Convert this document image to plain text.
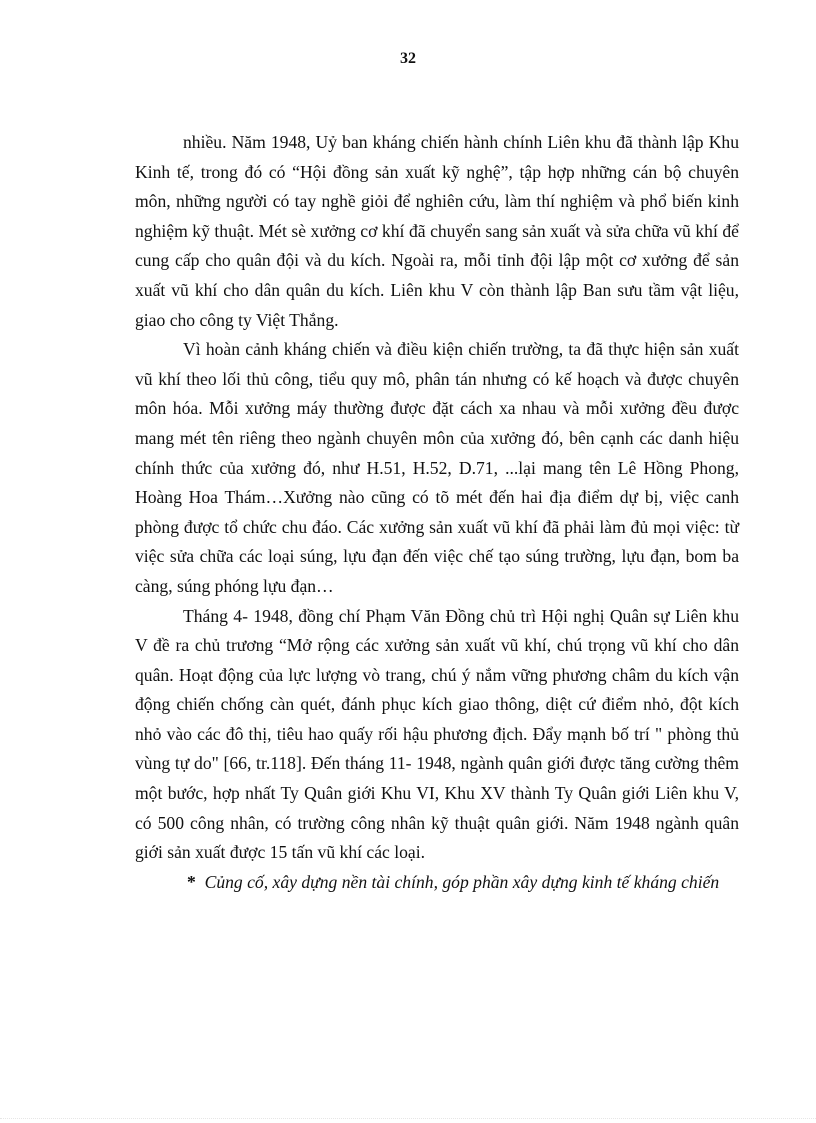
32

nhiều. Năm 1948, Uỷ ban kháng chiến hành chính Liên khu đã thành lập Khu Kinh tế, trong đó có “Hội đồng sản xuất kỹ nghệ”, tập hợp những cán bộ chuyên môn, những người có tay nghề giỏi để nghiên cứu, làm thí nghiệm và phổ biến kinh nghiệm kỹ thuật. Mét sè xưởng cơ khí đã chuyển sang sản xuất và sửa chữa vũ khí để cung cấp cho quân đội và du kích. Ngoài ra, mỗi tỉnh đội lập một cơ xưởng để sản xuất vũ khí cho dân quân du kích. Liên khu V còn thành lập Ban sưu tầm vật liệu, giao cho công ty Việt Thắng.

Vì hoàn cảnh kháng chiến và điều kiện chiến trường, ta đã thực hiện sản xuất vũ khí theo lối thủ công, tiểu quy mô, phân tán nhưng có kế hoạch và được chuyên môn hóa. Mỗi xưởng máy thường được đặt cách xa nhau và mỗi xưởng đều được mang mét tên riêng theo ngành chuyên môn của xưởng đó, bên cạnh các danh hiệu chính thức của xưởng đó, như H.51, H.52, D.71, ...lại mang tên Lê Hồng Phong, Hoàng Hoa Thám…Xưởng nào cũng có tõ mét đến hai địa điểm dự bị, việc canh phòng được tổ chức chu đáo. Các xưởng sản xuất vũ khí đã phải làm đủ mọi việc: từ việc sửa chữa các loại súng, lựu đạn đến việc chế tạo súng trường, lựu đạn, bom ba càng, súng phóng lựu đạn…

Tháng 4- 1948, đồng chí Phạm Văn Đồng chủ trì Hội nghị Quân sự Liên khu V đề ra chủ trương “Mở rộng các xưởng sản xuất vũ khí, chú trọng vũ khí cho dân quân. Hoạt động của lực lượng vò trang, chú ý nắm vững phương châm du kích vận động chiến chống càn quét, đánh phục kích giao thông, diệt cứ điểm nhỏ, đột kích nhỏ vào các đô thị, tiêu hao quấy rối hậu phương địch. Đẩy mạnh bố trí " phòng thủ vùng tự do" [66, tr.118]. Đến tháng 11- 1948, ngành quân giới được tăng cường thêm một bước, hợp nhất Ty Quân giới Khu VI, Khu XV thành Ty Quân giới Liên khu V, có 500 công nhân, có trường công nhân kỹ thuật quân giới. Năm 1948 ngành quân giới sản xuất được 15 tấn vũ khí các loại.

* Củng cố, xây dựng nền tài chính, góp phần xây dựng kinh tế kháng chiến
